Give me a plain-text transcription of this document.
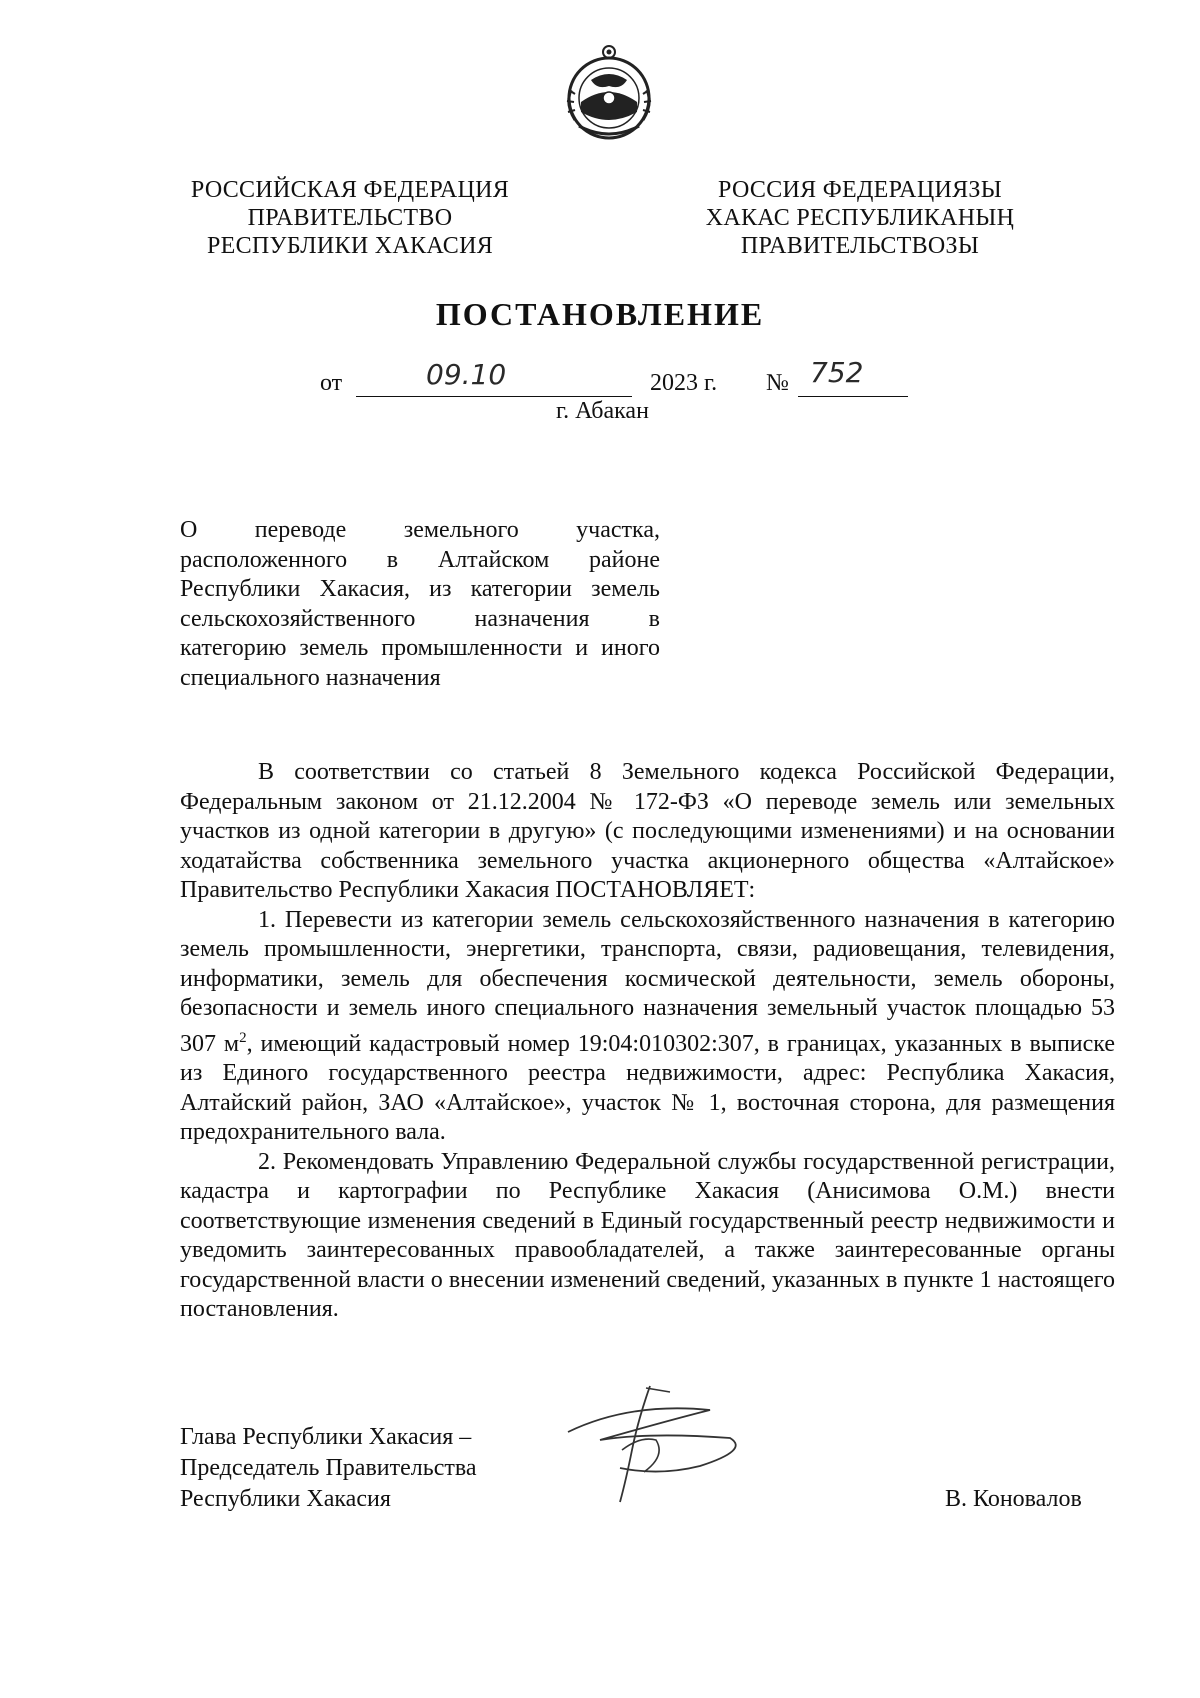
РОССИЙСКАЯ ФЕДЕРАЦИЯ
ПРАВИТЕЛЬСТВО
РЕСПУБЛИКИ ХАКАСИЯ
РОССИЯ ФЕДЕРАЦИЯЗЫ
ХАКАС РЕСПУБЛИКАНЫҢ
ПРАВИТЕЛЬСТВОЗЫ
ПОСТАНОВЛЕНИЕ
от	09.10	2023 г. № 752
г. Абакан
О переводе земельного участка, расположенного в Алтайском районе Республики Хакасия, из категории земель сельскохозяйственного назначения в категорию земель промышленности и иного специального назначения

В соответствии со статьей 8 Земельного кодекса Российской Федерации, Федеральным законом от 21.12.2004 № 172-ФЗ «О переводе земель или земельных участков из одной категории в другую» (с последующими изменениями) и на основании ходатайства собственника земельного участка акционерного общества «Алтайское» Правительство Республики Хакасия ПОСТАНОВЛЯЕТ:

1. Перевести из категории земель сельскохозяйственного назначения в категорию земель промышленности, энергетики, транспорта, связи, радиовещания, телевидения, информатики, земель для обеспечения космической деятельности, земель обороны, безопасности и земель иного специального назначения земельный участок площадью 53 307 $м^2$, имеющий кадастровый номер 19:04:010302:307, в границах, указанных в выписке из Единого государственного реестра недвижимости, адрес: Республика Хакасия, Алтайский район, ЗАО «Алтайское», участок № 1, восточная сторона, для размещения предохранительного вала.

2. Рекомендовать Управлению Федеральной службы государственной регистрации, кадастра и картографии по Республике Хакасия (Анисимова О.М.) внести соответствующие изменения сведений в Единый государственный реестр недвижимости и уведомить заинтересованных правообладателей, а также заинтересованные органы государственной власти о внесении изменений сведений, указанных в пункте 1 настоящего постановления.

Глава Республики Хакасия –
Председатель Правительства
Республики Хакасия	В. Коновалов
